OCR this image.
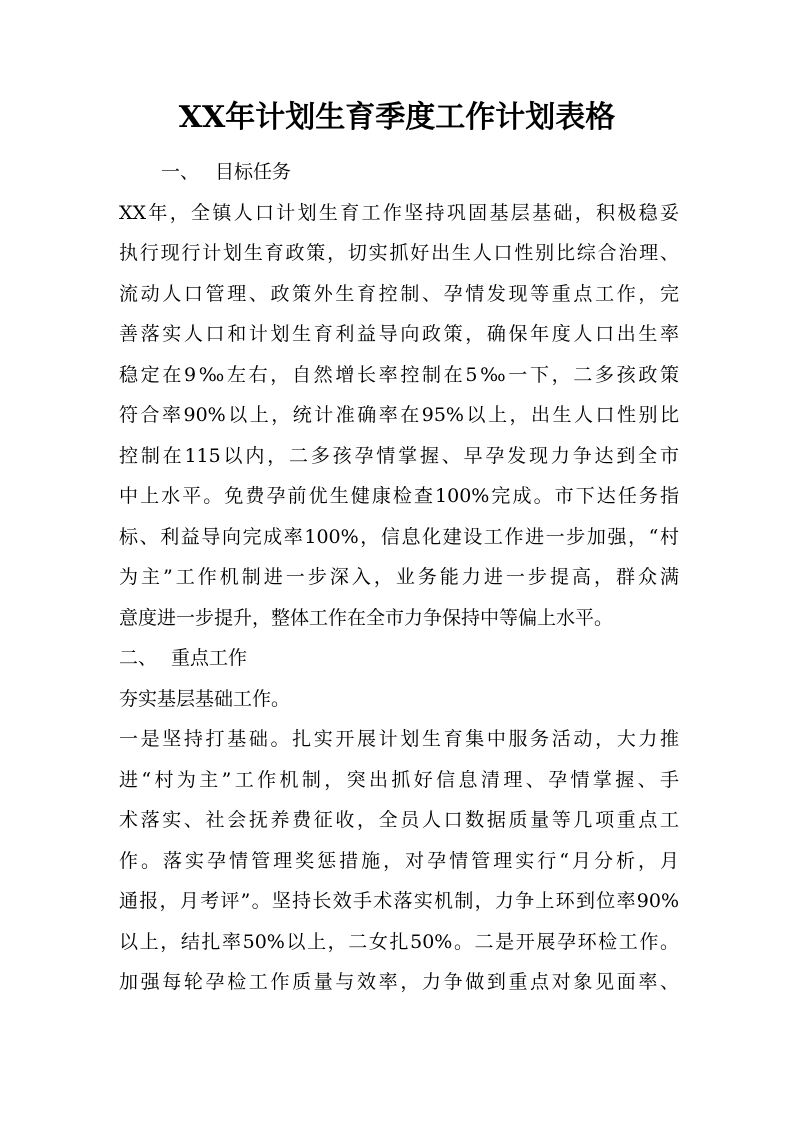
XX年计划生育季度工作计划表格
一、 目标任务
XX年，全镇人口计划生育工作坚持巩固基层基础，积极稳妥
执行现行计划生育政策，切实抓好出生人口性别比综合治理、
流动人口管理、政策外生育控制、孕情发现等重点工作，完
善落实人口和计划生育利益导向政策，确保年度人口出生率
稳定在9‰左右，自然增长率控制在5‰一下，二多孩政策
符合率90%以上，统计准确率在95%以上，出生人口性别比
控制在115以内，二多孩孕情掌握、早孕发现力争达到全市
中上水平。免费孕前优生健康检查100%完成。市下达任务指
标、利益导向完成率100%，信息化建设工作进一步加强，“村
为主”工作机制进一步深入，业务能力进一步提高，群众满
意度进一步提升，整体工作在全市力争保持中等偏上水平。
二、 重点工作
夯实基层基础工作。
一是坚持打基础。扎实开展计划生育集中服务活动，大力推
进“村为主”工作机制，突出抓好信息清理、孕情掌握、手
术落实、社会抚养费征收，全员人口数据质量等几项重点工
作。落实孕情管理奖惩措施，对孕情管理实行“月分析，月
通报，月考评”。坚持长效手术落实机制，力争上环到位率90%
以上，结扎率50%以上，二女扎50%。二是开展孕环检工作。
加强每轮孕检工作质量与效率，力争做到重点对象见面率、
